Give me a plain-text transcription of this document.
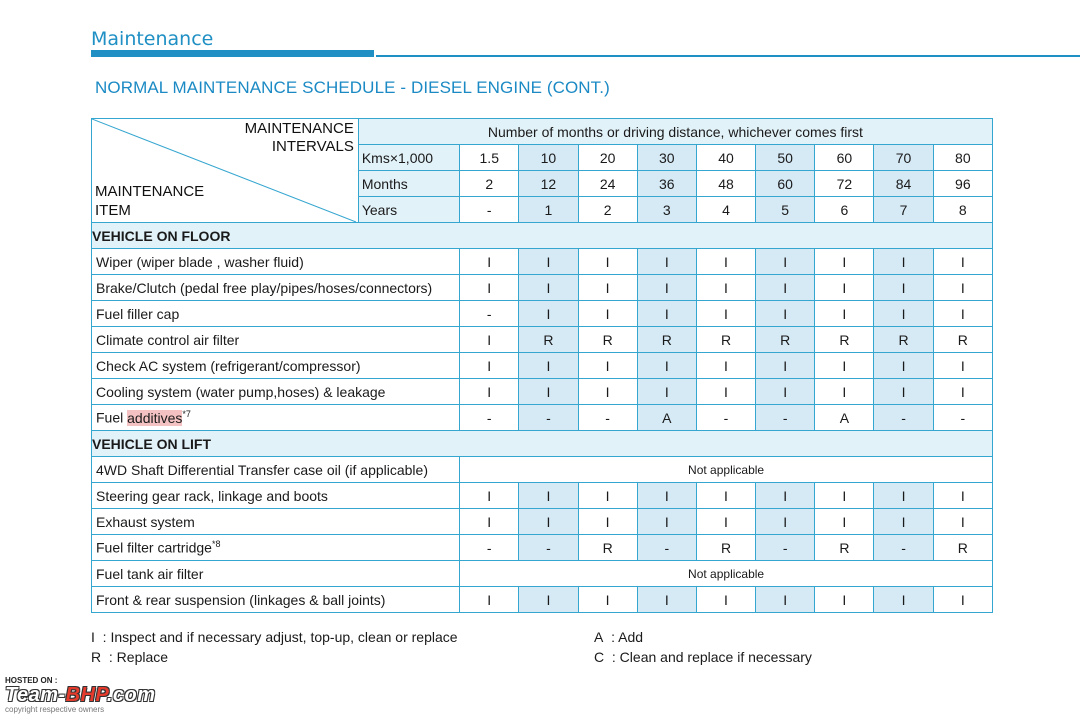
Maintenance
NORMAL MAINTENANCE SCHEDULE - DIESEL ENGINE (CONT.)
MAINTENANCE
INTERVALS
MAINTENANCE
ITEM	Number of months or driving distance, whichever comes first									
	Kms×1,000	1.5	10	20	30	40	50	60	70	80
	Months	2	12	24	36	48	60	72	84	96
	Years	-	1	2	3	4	5	6	7	8
VEHICLE ON FLOOR										
Wiper (wiper blade , washer fluid)		I	I	I	I	I	I	I	I	I
Brake/Clutch (pedal free play/pipes/hoses/connectors)		I	I	I	I	I	I	I	I	I
Fuel filler cap		-	I	I	I	I	I	I	I	I
Climate control air filter		I	R	R	R	R	R	R	R	R
Check AC system (refrigerant/compressor)		I	I	I	I	I	I	I	I	I
Cooling system (water pump,hoses) & leakage		I	I	I	I	I	I	I	I	I
Fuel additives$^{*7}$		-	-	-	A	-	-	A	-	-
VEHICLE ON LIFT										
4WD Shaft Differential Transfer case oil (if applicable)		Not applicable								
Steering gear rack, linkage and boots		I	I	I	I	I	I	I	I	I
Exhaust system		I	I	I	I	I	I	I	I	I
Fuel filter cartridge$^{*8}$		-	-	R	-	R	-	R	-	R
Fuel tank air filter		Not applicable								
Front & rear suspension (linkages & ball joints)		I	I	I	I	I	I	I	I	I
I : Inspect and if necessary adjust, top-up, clean or replace
R : Replace
A : Add
C : Clean and replace if necessary
HOSTED ON :
Team-BHP.com
copyright respective owners
